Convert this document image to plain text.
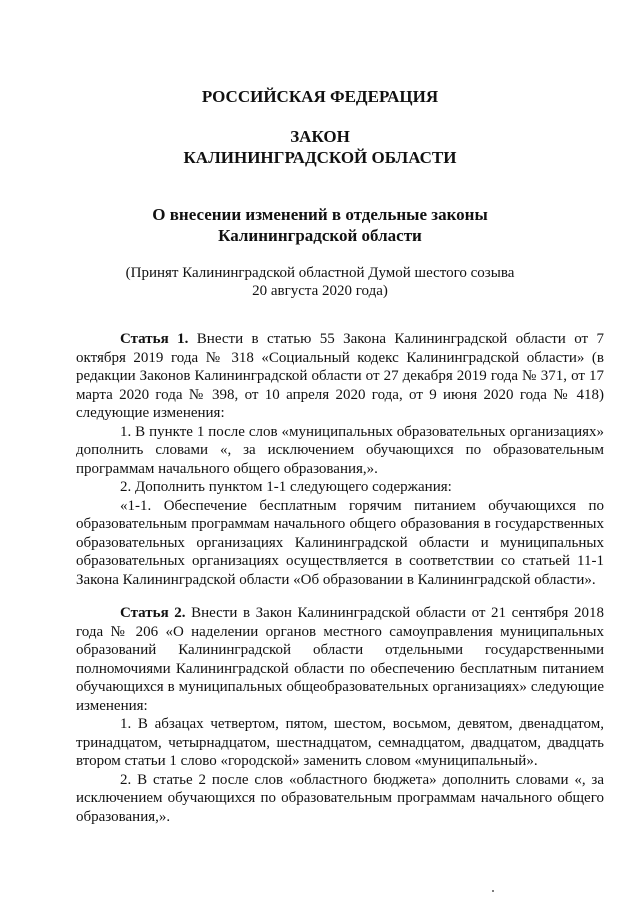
РОССИЙСКАЯ ФЕДЕРАЦИЯ

ЗАКОН

КАЛИНИНГРАДСКОЙ ОБЛАСТИ

О внесении изменений в отдельные законы

Калининградской области

(Принят Калининградской областной Думой шестого созыва
20 августа 2020 года)

Статья 1. Внести в статью 55 Закона Калининградской области от 7 октября 2019 года № 318 «Социальный кодекс Калининградской области» (в редакции Законов Калининградской области от 27 декабря 2019 года № 371, от 17 марта 2020 года № 398, от 10 апреля 2020 года, от 9 июня 2020 года № 418) следующие изменения:

1. В пункте 1 после слов «муниципальных образовательных организациях» дополнить словами «, за исключением обучающихся по образовательным программам начального общего образования,».

2. Дополнить пунктом 1-1 следующего содержания:

«1-1. Обеспечение бесплатным горячим питанием обучающихся по образовательным программам начального общего образования в государственных образовательных организациях Калининградской области и муниципальных образовательных организациях осуществляется в соответствии со статьей 11-1 Закона Калининградской области «Об образовании в Калининградской области».

Статья 2. Внести в Закон Калининградской области от 21 сентября 2018 года № 206 «О наделении органов местного самоуправления муниципальных образований Калининградской области отдельными государственными полномочиями Калининградской области по обеспечению бесплатным питанием обучающихся в муниципальных общеобразовательных организациях» следующие изменения:

1. В абзацах четвертом, пятом, шестом, восьмом, девятом, двенадцатом, тринадцатом, четырнадцатом, шестнадцатом, семнадцатом, двадцатом, двадцать втором статьи 1 слово «городской» заменить словом «муниципальный».

2. В статье 2 после слов «областного бюджета» дополнить словами «, за исключением обучающихся по образовательным программам начального общего образования,».
